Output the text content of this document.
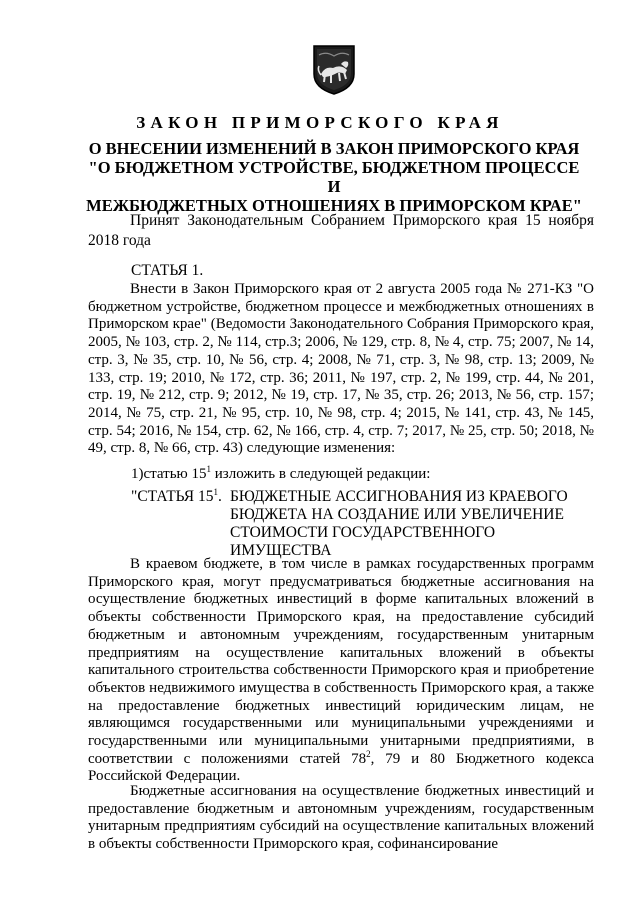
ЗАКОН ПРИМОРСКОГО КРАЯ
О ВНЕСЕНИИ ИЗМЕНЕНИЙ В ЗАКОН ПРИМОРСКОГО КРАЯ
"О БЮДЖЕТНОМ УСТРОЙСТВЕ, БЮДЖЕТНОМ ПРОЦЕССЕ И
МЕЖБЮДЖЕТНЫХ ОТНОШЕНИЯХ В ПРИМОРСКОМ КРАЕ"
Принят Законодательным Собранием Приморского края 15 ноября 2018 года
СТАТЬЯ 1.

Внести в Закон Приморского края от 2 августа 2005 года № 271-КЗ "О бюджетном устройстве, бюджетном процессе и межбюджетных отношениях в Приморском крае" (Ведомости Законодательного Собрания Приморского края, 2005, № 103, стр. 2, № 114, стр.3; 2006, № 129, стр. 8, № 4, стр. 75; 2007, № 14, стр. 3, № 35, стр. 10, № 56, стр. 4; 2008, № 71, стр. 3, № 98, стр. 13; 2009, № 133, стр. 19; 2010, № 172, стр. 36; 2011, № 197, стр. 2, № 199, стр. 44, № 201, стр. 19, № 212, стр. 9; 2012, № 19, стр. 17, № 35, стр. 26; 2013, № 56, стр. 157; 2014, № 75, стр. 21, № 95, стр. 10, № 98, стр. 4; 2015, № 141, стр. 43, № 145, стр. 54; 2016, № 154, стр. 62, № 166, стр. 4, стр. 7; 2017, № 25, стр. 50; 2018, № 49, стр. 8, № 66, стр. 43) следующие изменения:

1)статью $15^1$ изложить в следующей редакции:
"СТАТЬЯ $15^1$. БЮДЖЕТНЫЕ АССИГНОВАНИЯ ИЗ КРАЕВОГО
БЮДЖЕТА НА СОЗДАНИЕ ИЛИ УВЕЛИЧЕНИЕ
СТОИМОСТИ ГОСУДАРСТВЕННОГО ИМУЩЕСТВА

В краевом бюджете, в том числе в рамках государственных программ Приморского края, могут предусматриваться бюджетные ассигнования на осуществление бюджетных инвестиций в форме капитальных вложений в объекты собственности Приморского края, на предоставление субсидий бюджетным и автономным учреждениям, государственным унитарным предприятиям на осуществление капитальных вложений в объекты капитального строительства собственности Приморского края и приобретение объектов недвижимого имущества в собственность Приморского края, а также на предоставление бюджетных инвестиций юридическим лицам, не являющимся государственными или муниципальными учреждениями и государственными или муниципальными унитарными предприятиями, в соответствии с положениями статей $78^2$, 79 и 80 Бюджетного кодекса Российской Федерации.

Бюджетные ассигнования на осуществление бюджетных инвестиций и предоставление бюджетным и автономным учреждениям, государственным унитарным предприятиям субсидий на осуществление капитальных вложений в объекты собственности Приморского края, софинансирование
